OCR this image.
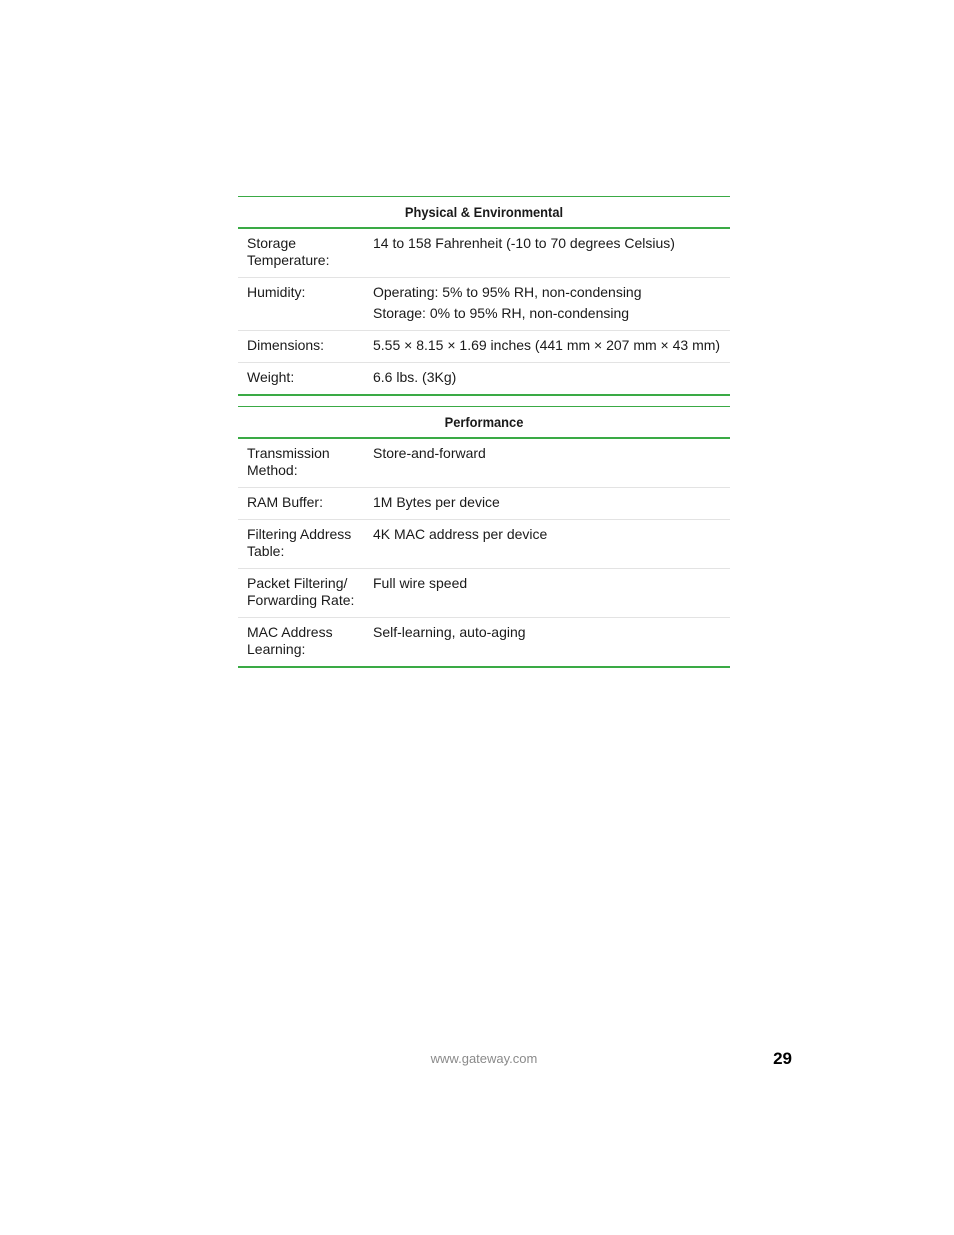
Physical & Environmental	
Storage Temperature:	14 to 158 Fahrenheit (-10 to 70 degrees Celsius)

Humidity:	Operating: 5% to 95% RH, non-condensing
Storage: 0% to 95% RH, non-condensing

Dimensions:	5.55 × 8.15 × 1.69 inches (441 mm × 207 mm × 43 mm)

Weight:	6.6 lbs. (3Kg)
Performance	
Transmission Method:	Store-and-forward

RAM Buffer:	1M Bytes per device

Filtering Address Table:	4K MAC address per device

Packet Filtering/ Forwarding Rate:	Full wire speed

MAC Address Learning:	Self-learning, auto-aging
www.gateway.com	29
